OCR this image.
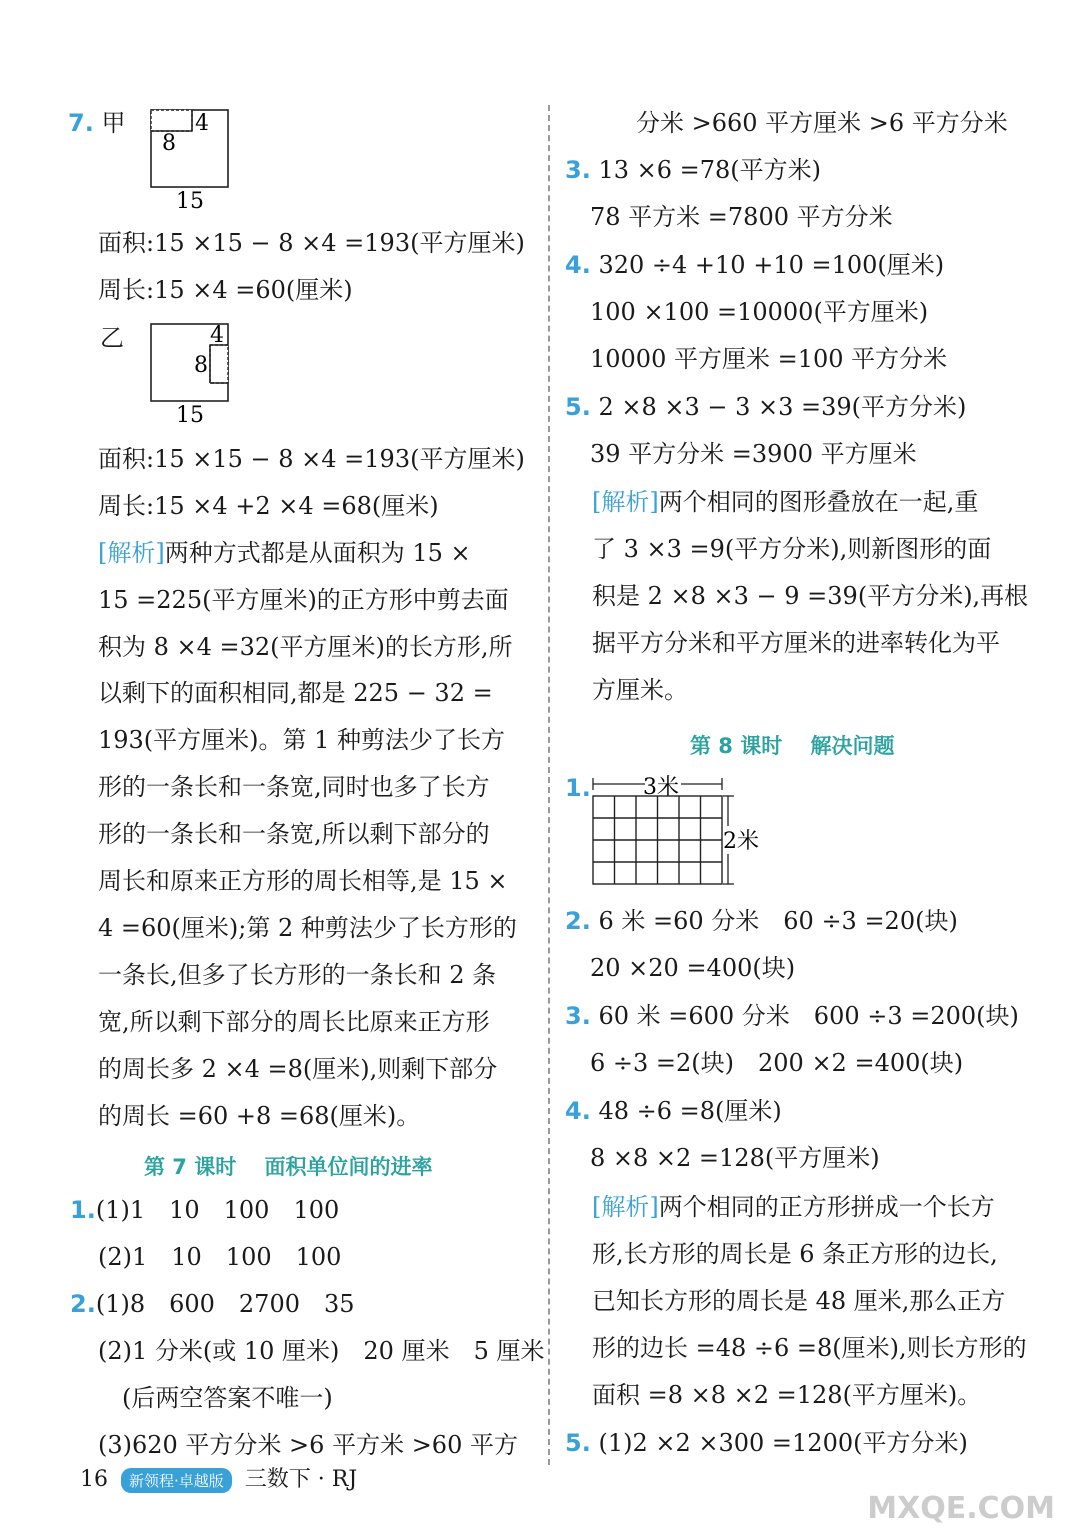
7. 甲	4
8
15
面积:15 ×15 − 8 ×4 =193(平方厘米)
周长:15 ×4 =60(厘米)
乙	4
8
15
面积:15 ×15 − 8 ×4 =193(平方厘米)
周长:15 ×4 +2 ×4 =68(厘米)
[解析]两种方式都是从面积为 15 ×
15 =225(平方厘米)的正方形中剪去面
积为 8 ×4 =32(平方厘米)的长方形,所
以剩下的面积相同,都是 225 − 32 =
193(平方厘米)。第 1 种剪法少了长方
形的一条长和一条宽,同时也多了长方
形的一条长和一条宽,所以剩下部分的
周长和原来正方形的周长相等,是 15 ×
4 =60(厘米);第 2 种剪法少了长方形的
一条长,但多了长方形的一条长和 2 条
宽,所以剩下部分的周长比原来正方形
的周长多 2 ×4 =8(厘米),则剩下部分
的周长 =60 +8 =68(厘米)。
第 7 课时　 面积单位间的进率
1.(1)1　10　100　100
(2)1　10　100　100
2.(1)8　600　2700　35
(2)1 分米(或 10 厘米)　20 厘米　5 厘米
　(后两空答案不唯一)
(3)620 平方分米 >6 平方米 >60 平方
分米 >660 平方厘米 >6 平方分米
3. 13 ×6 =78(平方米)
78 平方米 =7800 平方分米
4. 320 ÷4 +10 +10 =100(厘米)
100 ×100 =10000(平方厘米)
10000 平方厘米 =100 平方分米
5. 2 ×8 ×3 − 3 ×3 =39(平方分米)
39 平方分米 =3900 平方厘米
[解析]两个相同的图形叠放在一起,重
了 3 ×3 =9(平方分米),则新图形的面
积是 2 ×8 ×3 − 9 =39(平方分米),再根
据平方分米和平方厘米的进率转化为平
方厘米。
第 8 课时　 解决问题
1. 3米
2米
2. 6 米 =60 分米　60 ÷3 =20(块)
20 ×20 =400(块)
3. 60 米 =600 分米　600 ÷3 =200(块)
6 ÷3 =2(块)　200 ×2 =400(块)
4. 48 ÷6 =8(厘米)
8 ×8 ×2 =128(平方厘米)
[解析]两个相同的正方形拼成一个长方
形,长方形的周长是 6 条正方形的边长,
已知长方形的周长是 48 厘米,那么正方
形的边长 =48 ÷6 =8(厘米),则长方形的
面积 =8 ×8 ×2 =128(平方厘米)。
5. (1)2 ×2 ×300 =1200(平方分米)
16 新领程·卓越版 三数下 · RJ
MXQE.COM
